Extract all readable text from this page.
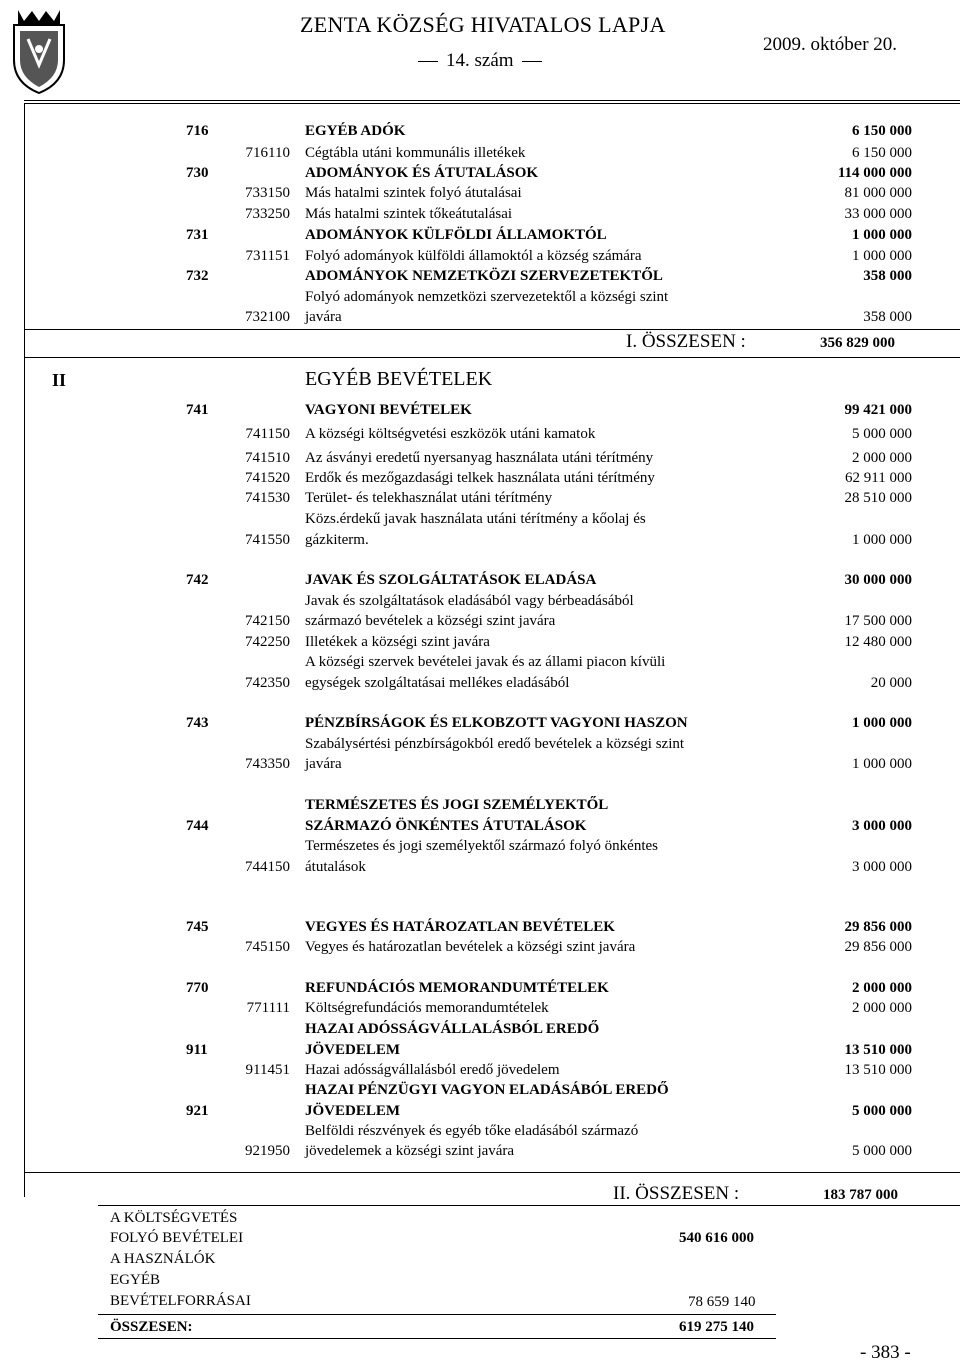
ZENTA KÖZSÉG HIVATALOS LAPJA
14. szám
2009. október 20.
716	EGYÉB ADÓK	6 150 000
716110 Cégtábla utáni kommunális illetékek	6 150 000
730	ADOMÁNYOK ÉS ÁTUTALÁSOK	114 000 000
733150 Más hatalmi szintek folyó átutalásai	81 000 000
733250 Más hatalmi szintek tőkeátutalásai	33 000 000
731	ADOMÁNYOK KÜLFÖLDI ÁLLAMOKTÓL	1 000 000
731151 Folyó adományok külföldi államoktól a község számára	1 000 000
732	ADOMÁNYOK NEMZETKÖZI SZERVEZETEKTŐL	358 000
Folyó adományok nemzetközi szervezetektől a községi szint
732100 javára	358 000
I. ÖSSZESEN :	356 829 000
II	EGYÉB BEVÉTELEK
741	VAGYONI BEVÉTELEK	99 421 000
741150 A községi költségvetési eszközök utáni kamatok	5 000 000
741510 Az ásványi eredetű nyersanyag használata utáni térítmény	2 000 000
741520 Erdők és mezőgazdasági telkek használata utáni térítmény	62 911 000
741530 Terület- és telekhasználat utáni térítmény	28 510 000
Közs.érdekű javak használata utáni térítmény a kőolaj és
741550 gázkiterm.	1 000 000
742	JAVAK ÉS SZOLGÁLTATÁSOK ELADÁSA	30 000 000
Javak és szolgáltatások eladásából vagy bérbeadásából
742150 származó bevételek a községi szint javára	17 500 000
742250 Illetékek a községi szint javára	12 480 000
A községi szervek bevételei javak és az állami piacon kívüli
742350 egységek szolgáltatásai mellékes eladásából	20 000
743	PÉNZBÍRSÁGOK ÉS ELKOBZOTT VAGYONI HASZON	1 000 000
Szabálysértési pénzbírságokból eredő bevételek a községi szint
743350 javára	1 000 000
TERMÉSZETES ÉS JOGI SZEMÉLYEKTŐL
744	SZÁRMAZÓ ÖNKÉNTES ÁTUTALÁSOK	3 000 000
Természetes és jogi személyektől származó folyó önkéntes
744150 átutalások	3 000 000
745	VEGYES ÉS HATÁROZATLAN BEVÉTELEK	29 856 000
745150 Vegyes és határozatlan bevételek a községi szint javára	29 856 000
770	REFUNDÁCIÓS MEMORANDUMTÉTELEK	2 000 000
771111 Költségrefundációs memorandumtételek	2 000 000
HAZAI ADÓSSÁGVÁLLALÁSBÓL EREDŐ
911	JÖVEDELEM	13 510 000
911451 Hazai adósságvállalásból eredő jövedelem	13 510 000
HAZAI PÉNZÜGYI VAGYON ELADÁSÁBÓL EREDŐ
921	JÖVEDELEM	5 000 000
Belföldi részvények és egyéb tőke eladásából származó
921950 jövedelemek a községi szint javára	5 000 000
II. ÖSSZESEN :	183 787 000
A KÖLTSÉGVETÉS
FOLYÓ BEVÉTELEI	540 616 000
A HASZNÁLÓK
EGYÉB
BEVÉTELFORRÁSAI	78 659 140
ÖSSZESEN:	619 275 140
- 383 -
